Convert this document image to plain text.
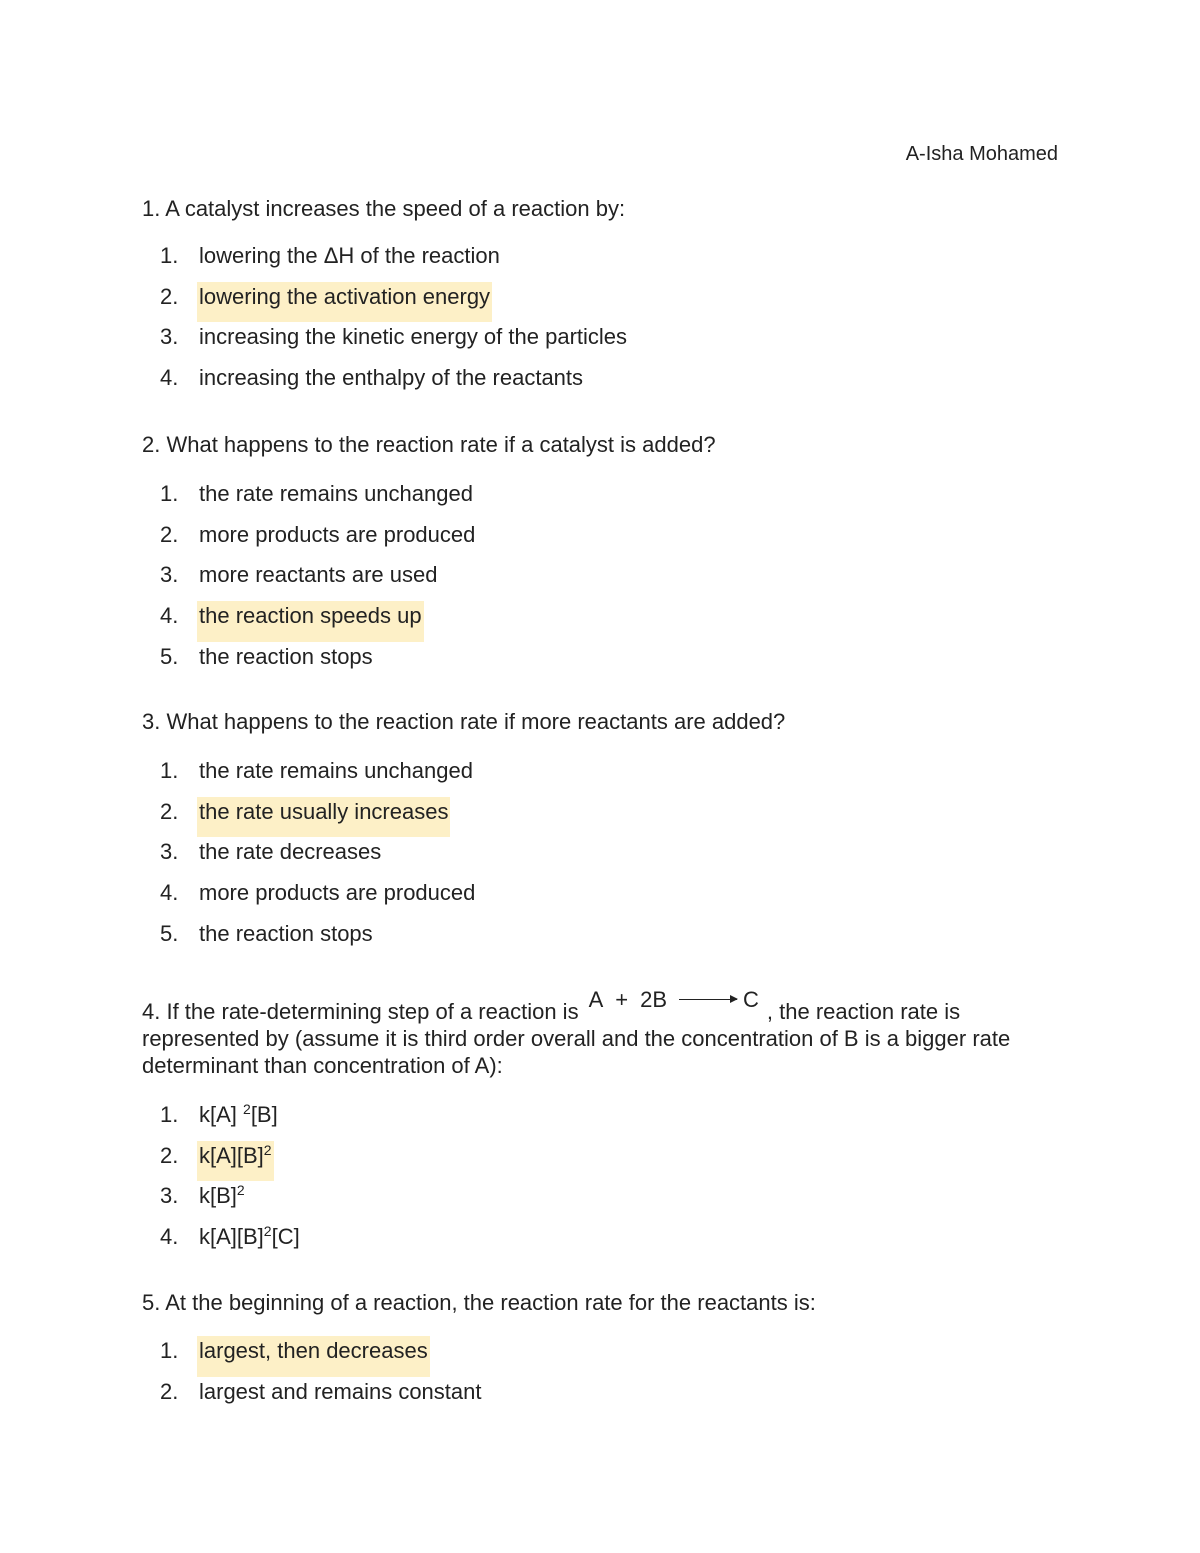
A-Isha Mohamed
1. A catalyst increases the speed of a reaction by:
1. lowering the ΔH of the reaction
2. lowering the activation energy
3. increasing the kinetic energy of the particles
4. increasing the enthalpy of the reactants
2. What happens to the reaction rate if a catalyst is added?
1. the rate remains unchanged
2. more products are produced
3. more reactants are used
4. the reaction speeds up
5. the reaction stops
3. What happens to the reaction rate if more reactants are added?
1. the rate remains unchanged
2. the rate usually increases
3. the rate decreases
4. more products are produced
5. the reaction stops
4. If the rate-determining step of a reaction is A + 2B	C , the reaction rate is represented by (assume it is third order overall and the concentration of B is a bigger rate determinant than concentration of A):
1. k[A] $^2$[B]
2. $k[A][B]^2$
3. $k[B]^2$
4. $k[A][B]^2[C]$
5. At the beginning of a reaction, the reaction rate for the reactants is:
1. largest, then decreases
2. largest and remains constant
